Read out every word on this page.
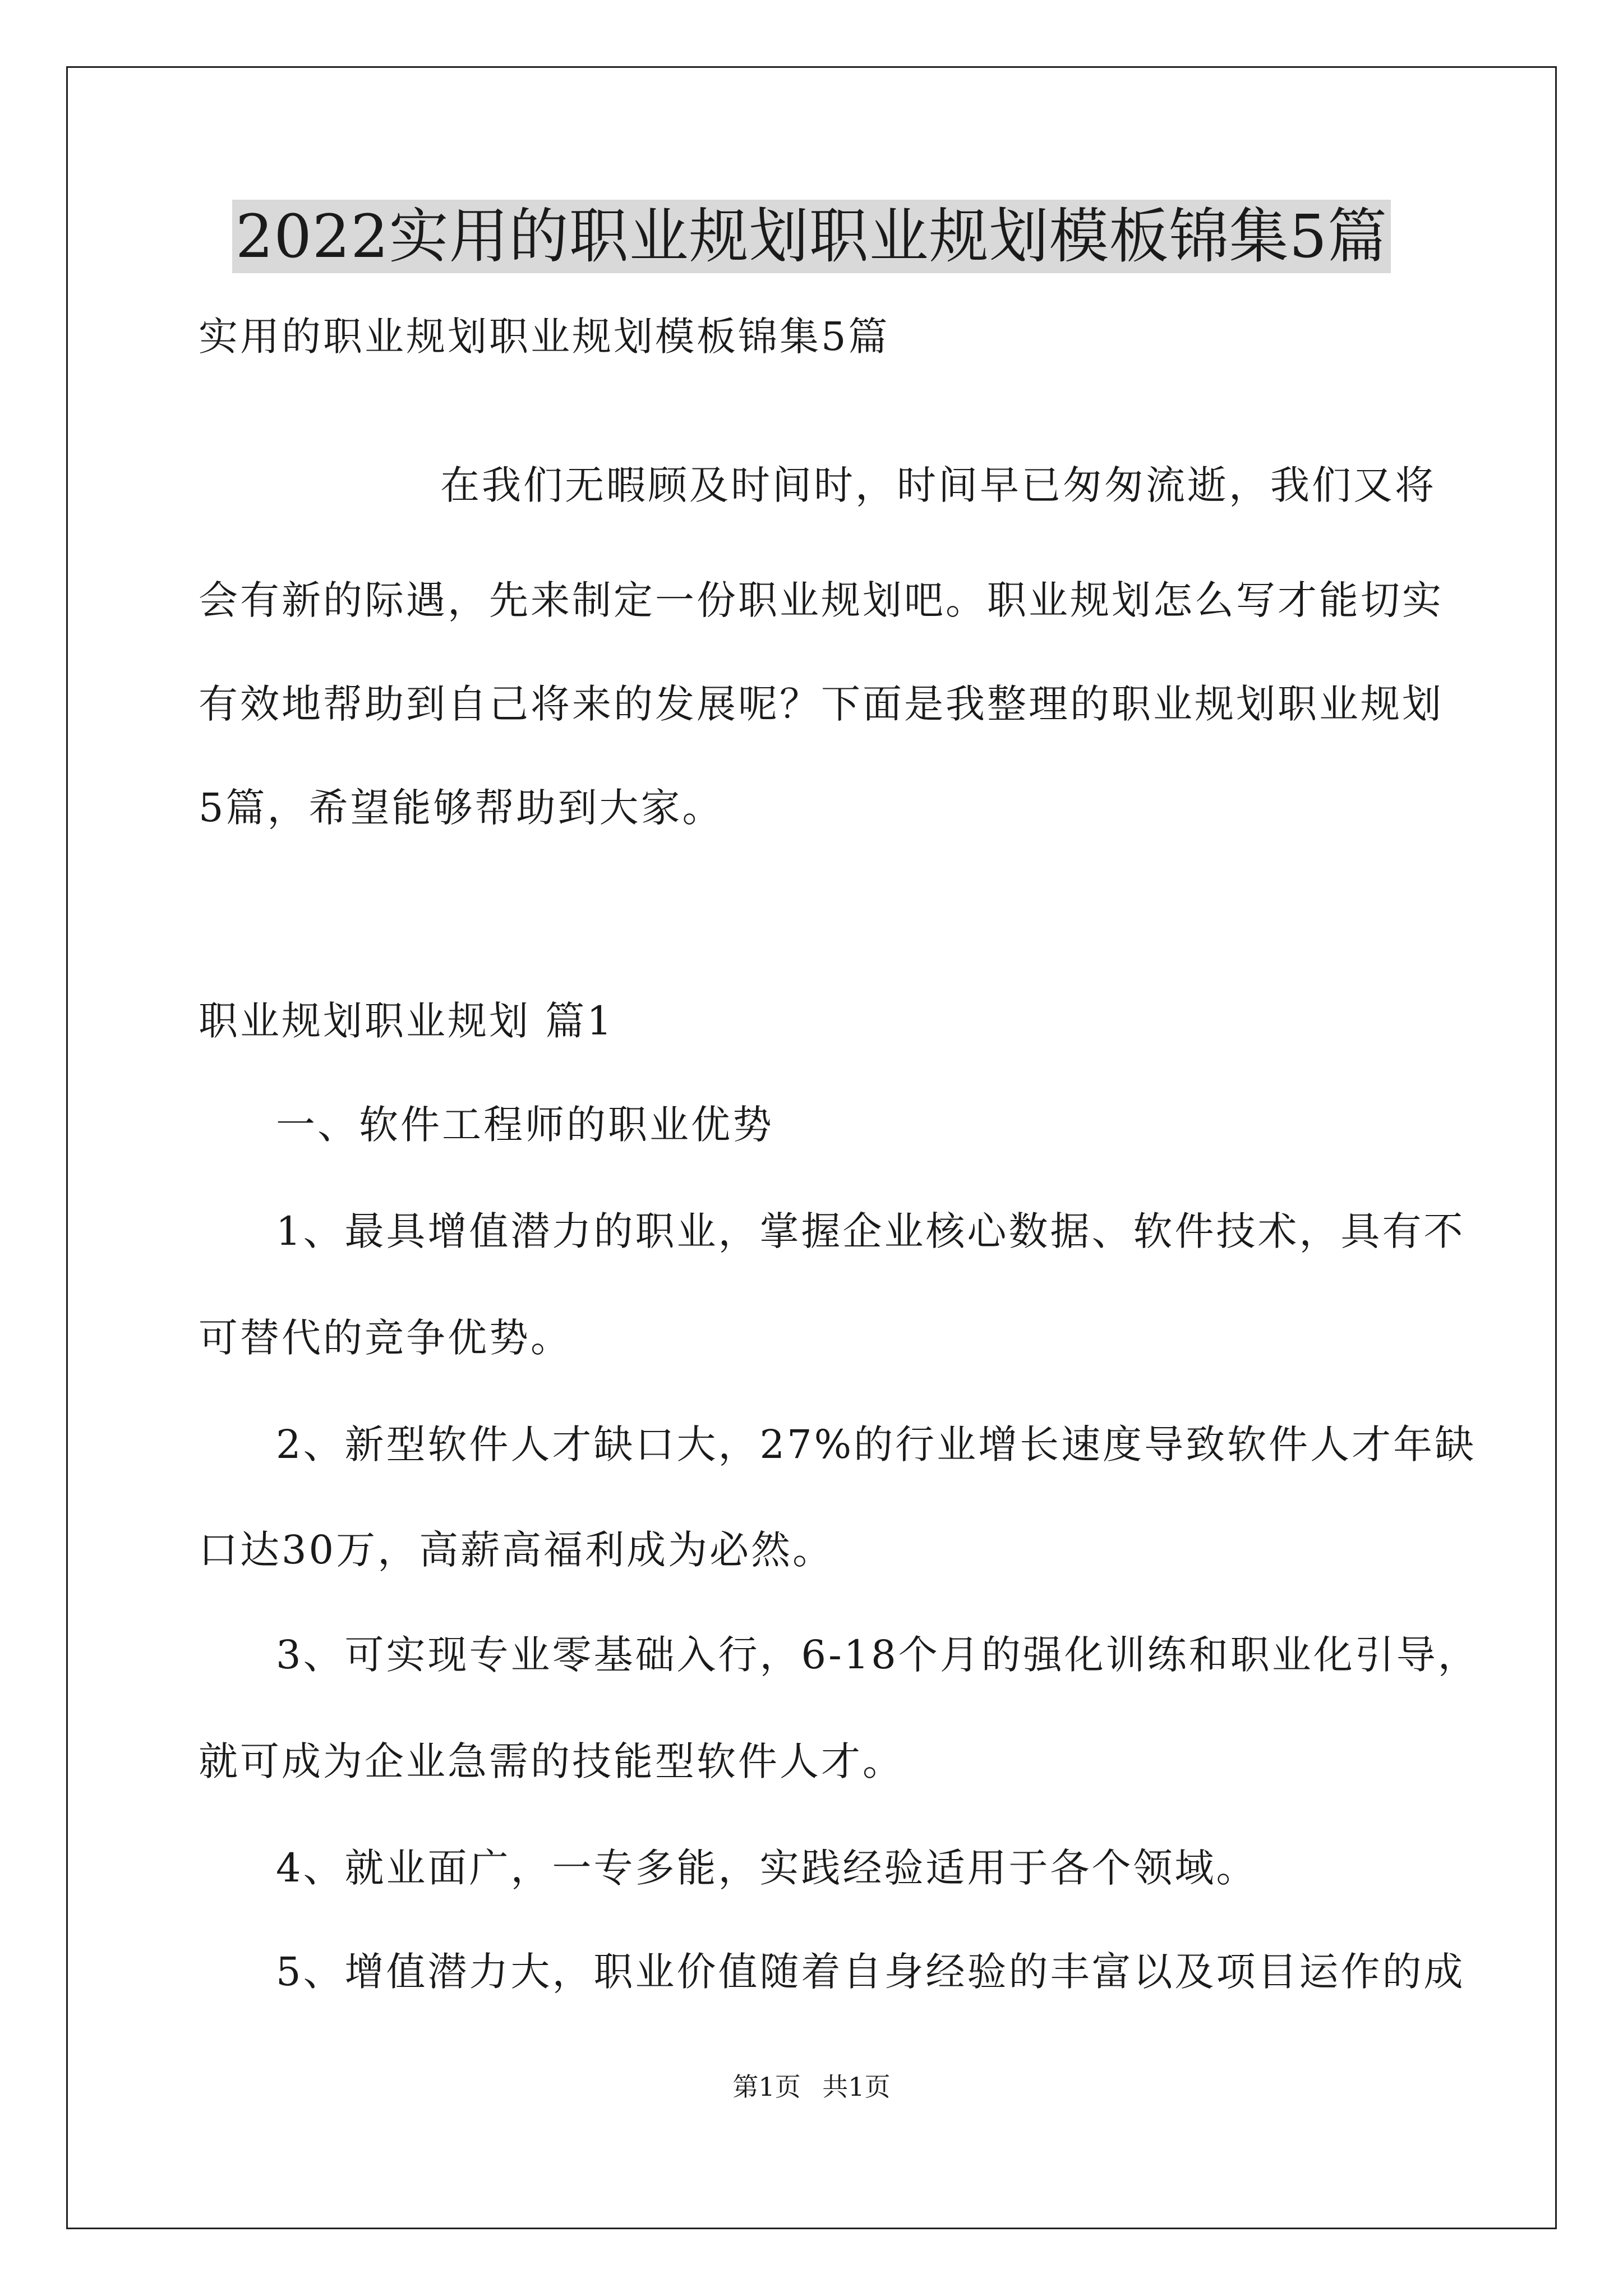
2022实用的职业规划职业规划模板锦集5篇
实用的职业规划职业规划模板锦集5篇
在我们无暇顾及时间时，时间早已匆匆流逝，我们又将
会有新的际遇，先来制定一份职业规划吧。职业规划怎么写才能切实
有效地帮助到自己将来的发展呢？下面是我整理的职业规划职业规划
5篇，希望能够帮助到大家。
职业规划职业规划 篇1
一、软件工程师的职业优势
1、最具增值潜力的职业，掌握企业核心数据、软件技术，具有不
可替代的竞争优势。
2、新型软件人才缺口大，27%的行业增长速度导致软件人才年缺
口达30万，高薪高福利成为必然。
3、可实现专业零基础入行，6-18个月的强化训练和职业化引导，
就可成为企业急需的技能型软件人才。
4、就业面广，一专多能，实践经验适用于各个领域。
5、增值潜力大，职业价值随着自身经验的丰富以及项目运作的成
第1页 共1页
